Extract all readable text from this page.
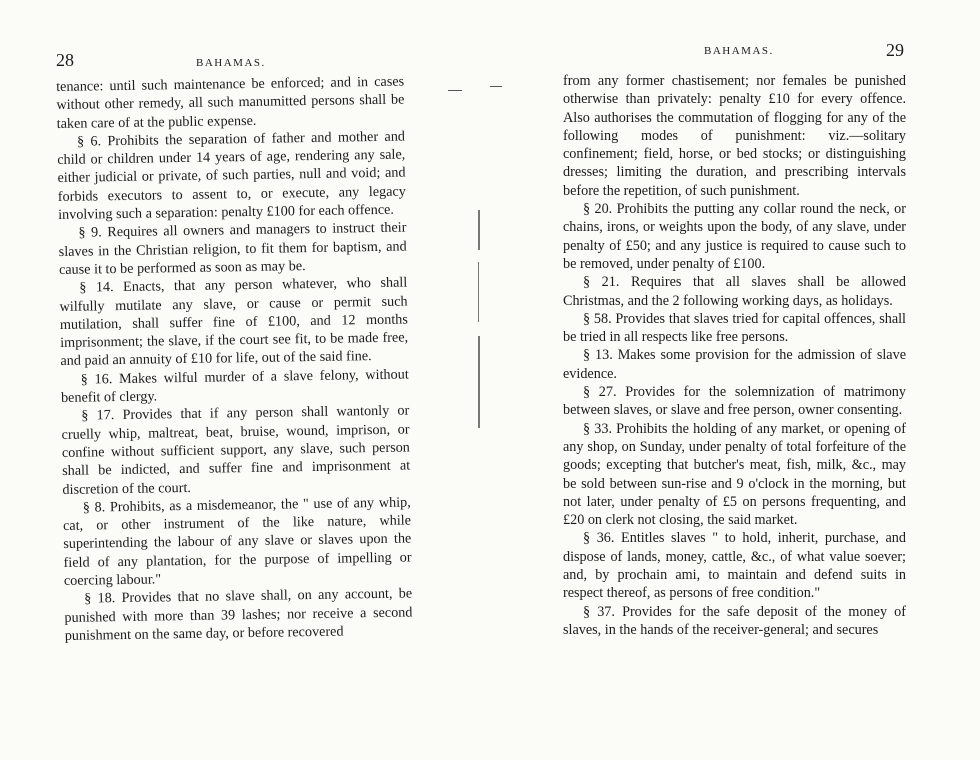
28	BAHAMAS.

tenance: until such maintenance be enforced; and in cases without other remedy, all such manumitted persons shall be taken care of at the public expense.

§ 6. Prohibits the separation of father and mother and child or children under 14 years of age, rendering any sale, either judicial or private, of such parties, null and void; and forbids executors to assent to, or execute, any legacy involving such a separation: penalty £100 for each offence.

§ 9. Requires all owners and managers to instruct their slaves in the Christian religion, to fit them for baptism, and cause it to be performed as soon as may be.

§ 14. Enacts, that any person whatever, who shall wilfully mutilate any slave, or cause or permit such mutilation, shall suffer fine of £100, and 12 months imprisonment; the slave, if the court see fit, to be made free, and paid an annuity of £10 for life, out of the said fine.

§ 16. Makes wilful murder of a slave felony, without benefit of clergy.

§ 17. Provides that if any person shall wantonly or cruelly whip, maltreat, beat, bruise, wound, imprison, or confine without sufficient support, any slave, such person shall be indicted, and suffer fine and imprisonment at discretion of the court.

§ 8. Prohibits, as a misdemeanor, the " use of any whip, cat, or other instrument of the like nature, while superintending the labour of any slave or slaves upon the field of any plantation, for the purpose of impelling or coercing labour."

§ 18. Provides that no slave shall, on any account, be punished with more than 39 lashes; nor receive a second punishment on the same day, or before recovered

BAHAMAS.	29

from any former chastisement; nor females be punished otherwise than privately: penalty £10 for every offence. Also authorises the commutation of flogging for any of the following modes of punishment: viz.—solitary confinement; field, horse, or bed stocks; or distinguishing dresses; limiting the duration, and prescribing intervals before the repetition, of such punishment.

§ 20. Prohibits the putting any collar round the neck, or chains, irons, or weights upon the body, of any slave, under penalty of £50; and any justice is required to cause such to be removed, under penalty of £100.

§ 21. Requires that all slaves shall be allowed Christmas, and the 2 following working days, as holidays.

§ 58. Provides that slaves tried for capital offences, shall be tried in all respects like free persons.

§ 13. Makes some provision for the admission of slave evidence.

§ 27. Provides for the solemnization of matrimony between slaves, or slave and free person, owner consenting.

§ 33. Prohibits the holding of any market, or opening of any shop, on Sunday, under penalty of total forfeiture of the goods; excepting that butcher's meat, fish, milk, &c., may be sold between sun-rise and 9 o'clock in the morning, but not later, under penalty of £5 on persons frequenting, and £20 on clerk not closing, the said market.

§ 36. Entitles slaves " to hold, inherit, purchase, and dispose of lands, money, cattle, &c., of what value soever; and, by prochain ami, to maintain and defend suits in respect thereof, as persons of free condition."

§ 37. Provides for the safe deposit of the money of slaves, in the hands of the receiver-general; and secures
